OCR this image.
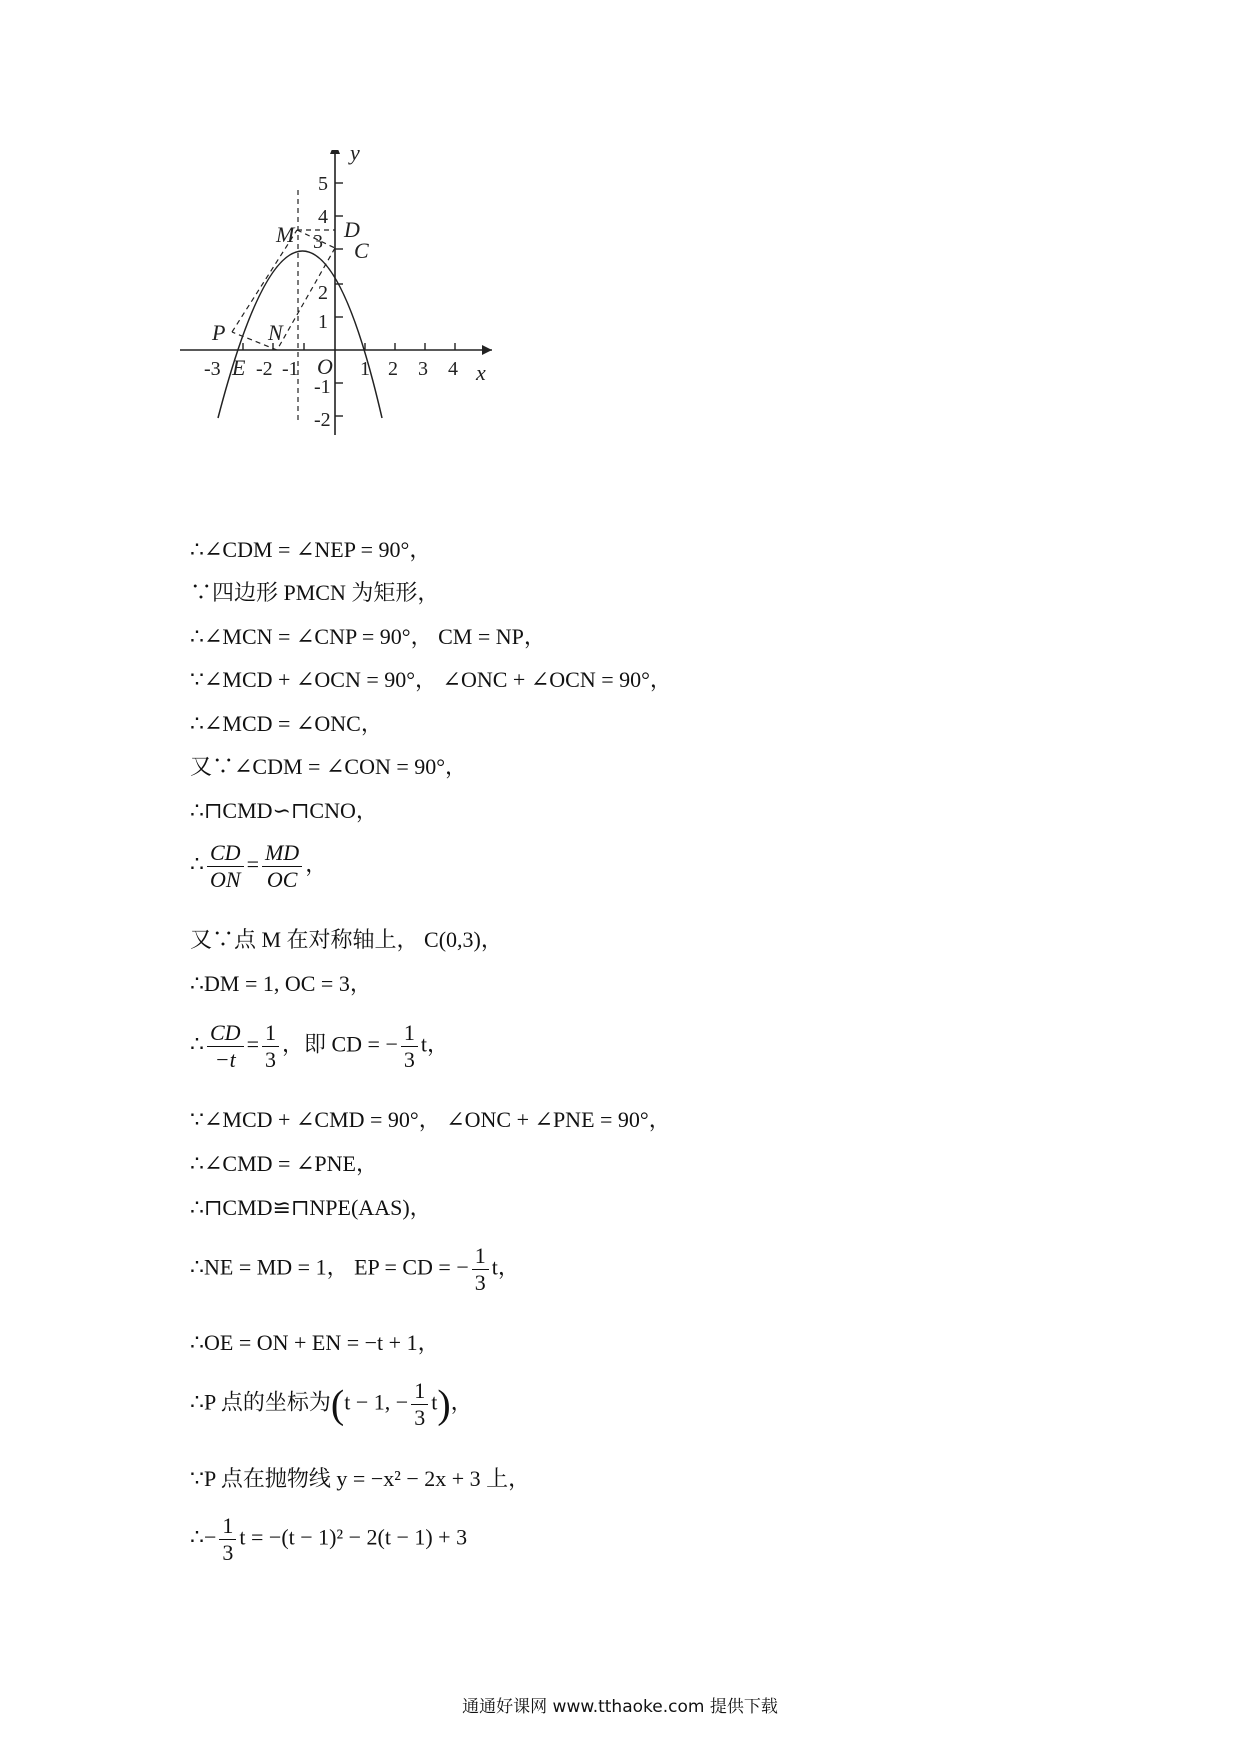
-3 -2 -1	1 2 3 4
5
4
3
2
1
-1
-2
y
x
O
P
E
N
M D
C
∴∠CDM = ∠NEP = 90°，
∵四边形 PMCN 为矩形，
∴∠MCN = ∠CNP = 90°， CM = NP，
∵∠MCD + ∠OCN = 90°， ∠ONC + ∠OCN = 90°，
∴∠MCD = ∠ONC，
又∵∠CDM = ∠CON = 90°，
∴⊓CMD∽⊓CNO，
∴ $\frac{CD}{ON} = \frac{MD}{OC}$ ，
又∵点 M 在对称轴上， C(0,3)，
∴DM = 1, OC = 3，
∴ $\frac{CD}{-t} = \frac{1}{3}$ ，即 CD = − $\frac{1}{3}$ t，
∵∠MCD + ∠CMD = 90°， ∠ONC + ∠PNE = 90°，
∴∠CMD = ∠PNE，
∴⊓CMD≌⊓NPE(AAS)，
∴NE = MD = 1， EP = CD = − $\frac{1}{3}$ t，
∴OE = ON + EN = −t + 1，
∴P 点的坐标为(t − 1, − $\frac{1}{3} t$)，
∵P 点在抛物线 y = −x² − 2x + 3 上，
∴− $\frac{1}{3}$ t = −(t − 1)² − 2(t − 1) + 3
通通好课网 www.tthaoke.com 提供下载
